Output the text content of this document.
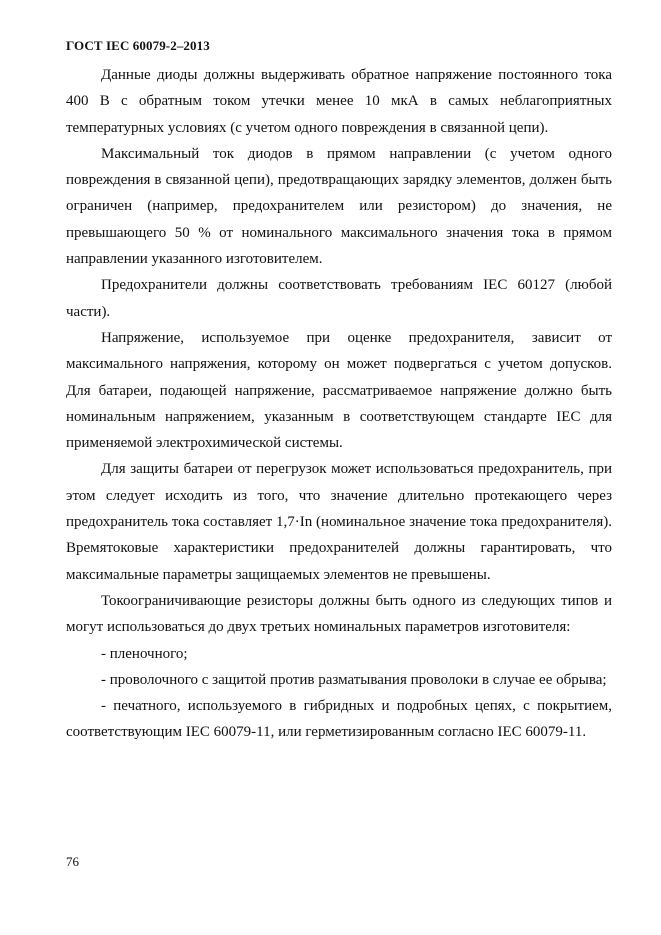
ГОСТ IEC 60079-2–2013

Данные диоды должны выдерживать обратное напряжение постоянного тока 400 В с обратным током утечки менее 10 мкА в самых неблагоприятных температурных условиях (с учетом одного повреждения в связанной цепи).

Максимальный ток диодов в прямом направлении (с учетом одного повреждения в связанной цепи), предотвращающих зарядку элементов, должен быть ограничен (например, предохранителем или резистором) до значения, не превышающего 50 % от номинального максимального значения тока в прямом направлении указанного изготовителем.

Предохранители должны соответствовать требованиям IEC 60127 (любой части).

Напряжение, используемое при оценке предохранителя, зависит от максимального напряжения, которому он может подвергаться с учетом допусков. Для батареи, подающей напряжение, рассматриваемое напряжение должно быть номинальным напряжением, указанным в соответствующем стандарте IEC для применяемой электрохимической системы.

Для защиты батареи от перегрузок может использоваться предохранитель, при этом следует исходить из того, что значение длительно протекающего через предохранитель тока составляет 1,7·In (номинальное значение тока предохранителя). Времятоковые характеристики предохранителей должны гарантировать, что максимальные параметры защищаемых элементов не превышены.

Токоограничивающие резисторы должны быть одного из следующих типов и могут использоваться до двух третьих номинальных параметров изготовителя:

- пленочного;

- проволочного с защитой против разматывания проволоки в случае ее обрыва;

- печатного, используемого в гибридных и подробных цепях, с покрытием, соответствующим IEC 60079-11, или герметизированным согласно IEC 60079-11.

76
